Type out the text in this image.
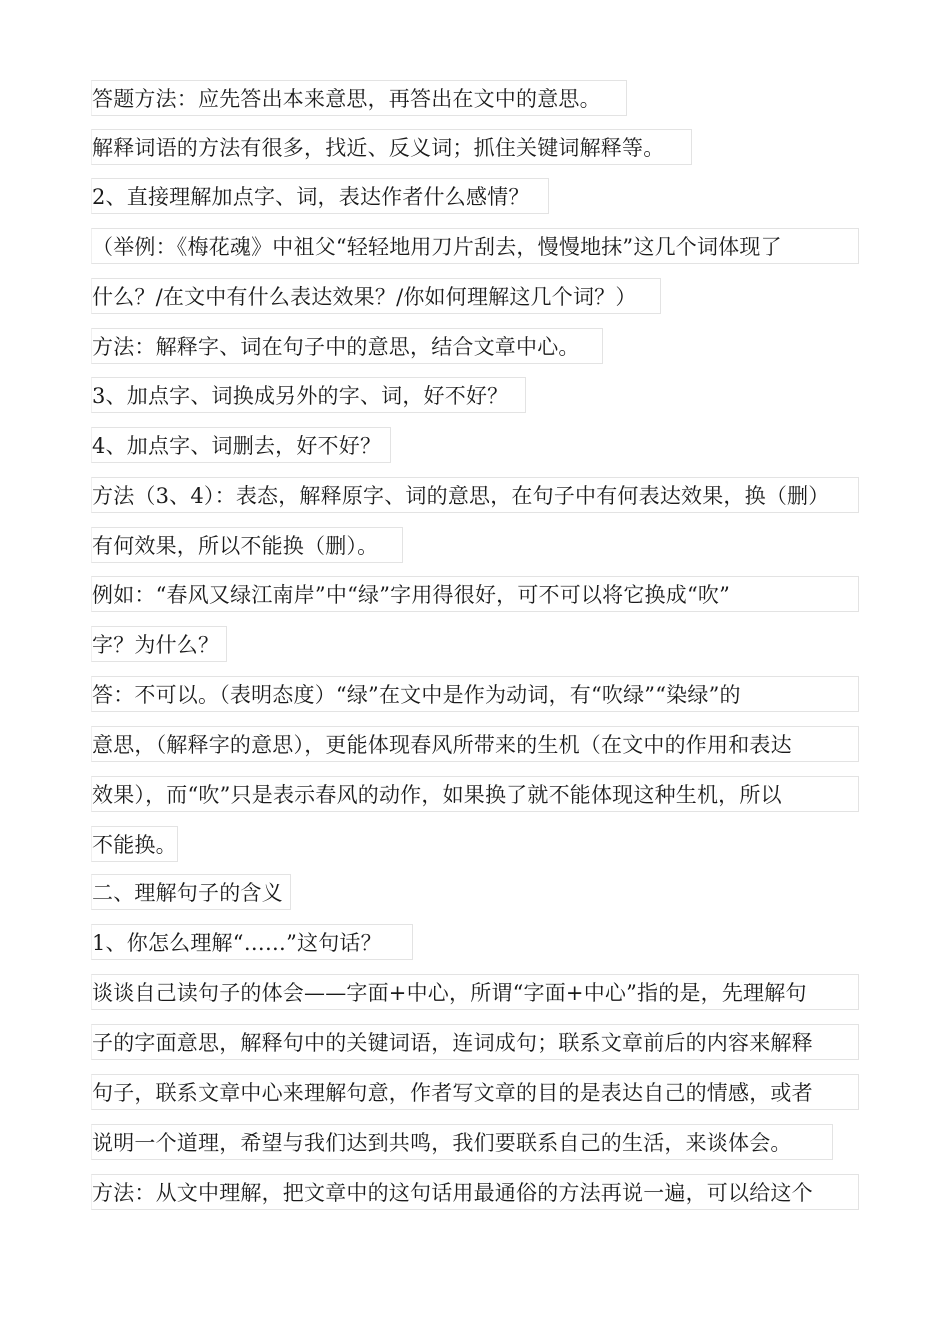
答题方法：应先答出本来意思，再答出在文中的意思。
解释词语的方法有很多，找近、反义词；抓住关键词解释等。
2、直接理解加点字、词，表达作者什么感情？
（举例：《梅花魂》中祖父“轻轻地用刀片刮去，慢慢地抹”这几个词体现了
什么？/在文中有什么表达效果？/你如何理解这几个词？）
方法：解释字、词在句子中的意思，结合文章中心。
3、加点字、词换成另外的字、词，好不好？
4、加点字、词删去，好不好？
方法（3、4）：表态，解释原字、词的意思，在句子中有何表达效果，换（删）
有何效果，所以不能换（删）。
例如：“春风又绿江南岸”中“绿”字用得很好，可不可以将它换成“吹”
字？为什么？
答：不可以。（表明态度）“绿”在文中是作为动词，有“吹绿”“染绿”的
意思，（解释字的意思），更能体现春风所带来的生机（在文中的作用和表达
效果），而“吹”只是表示春风的动作，如果换了就不能体现这种生机，所以
不能换。
二、理解句子的含义
1、你怎么理解“……”这句话？
谈谈自己读句子的体会——字面+中心，所谓“字面+中心”指的是，先理解句
子的字面意思，解释句中的关键词语，连词成句；联系文章前后的内容来解释
句子，联系文章中心来理解句意，作者写文章的目的是表达自己的情感，或者
说明一个道理，希望与我们达到共鸣，我们要联系自己的生活，来谈体会。
方法：从文中理解，把文章中的这句话用最通俗的方法再说一遍，可以给这个
